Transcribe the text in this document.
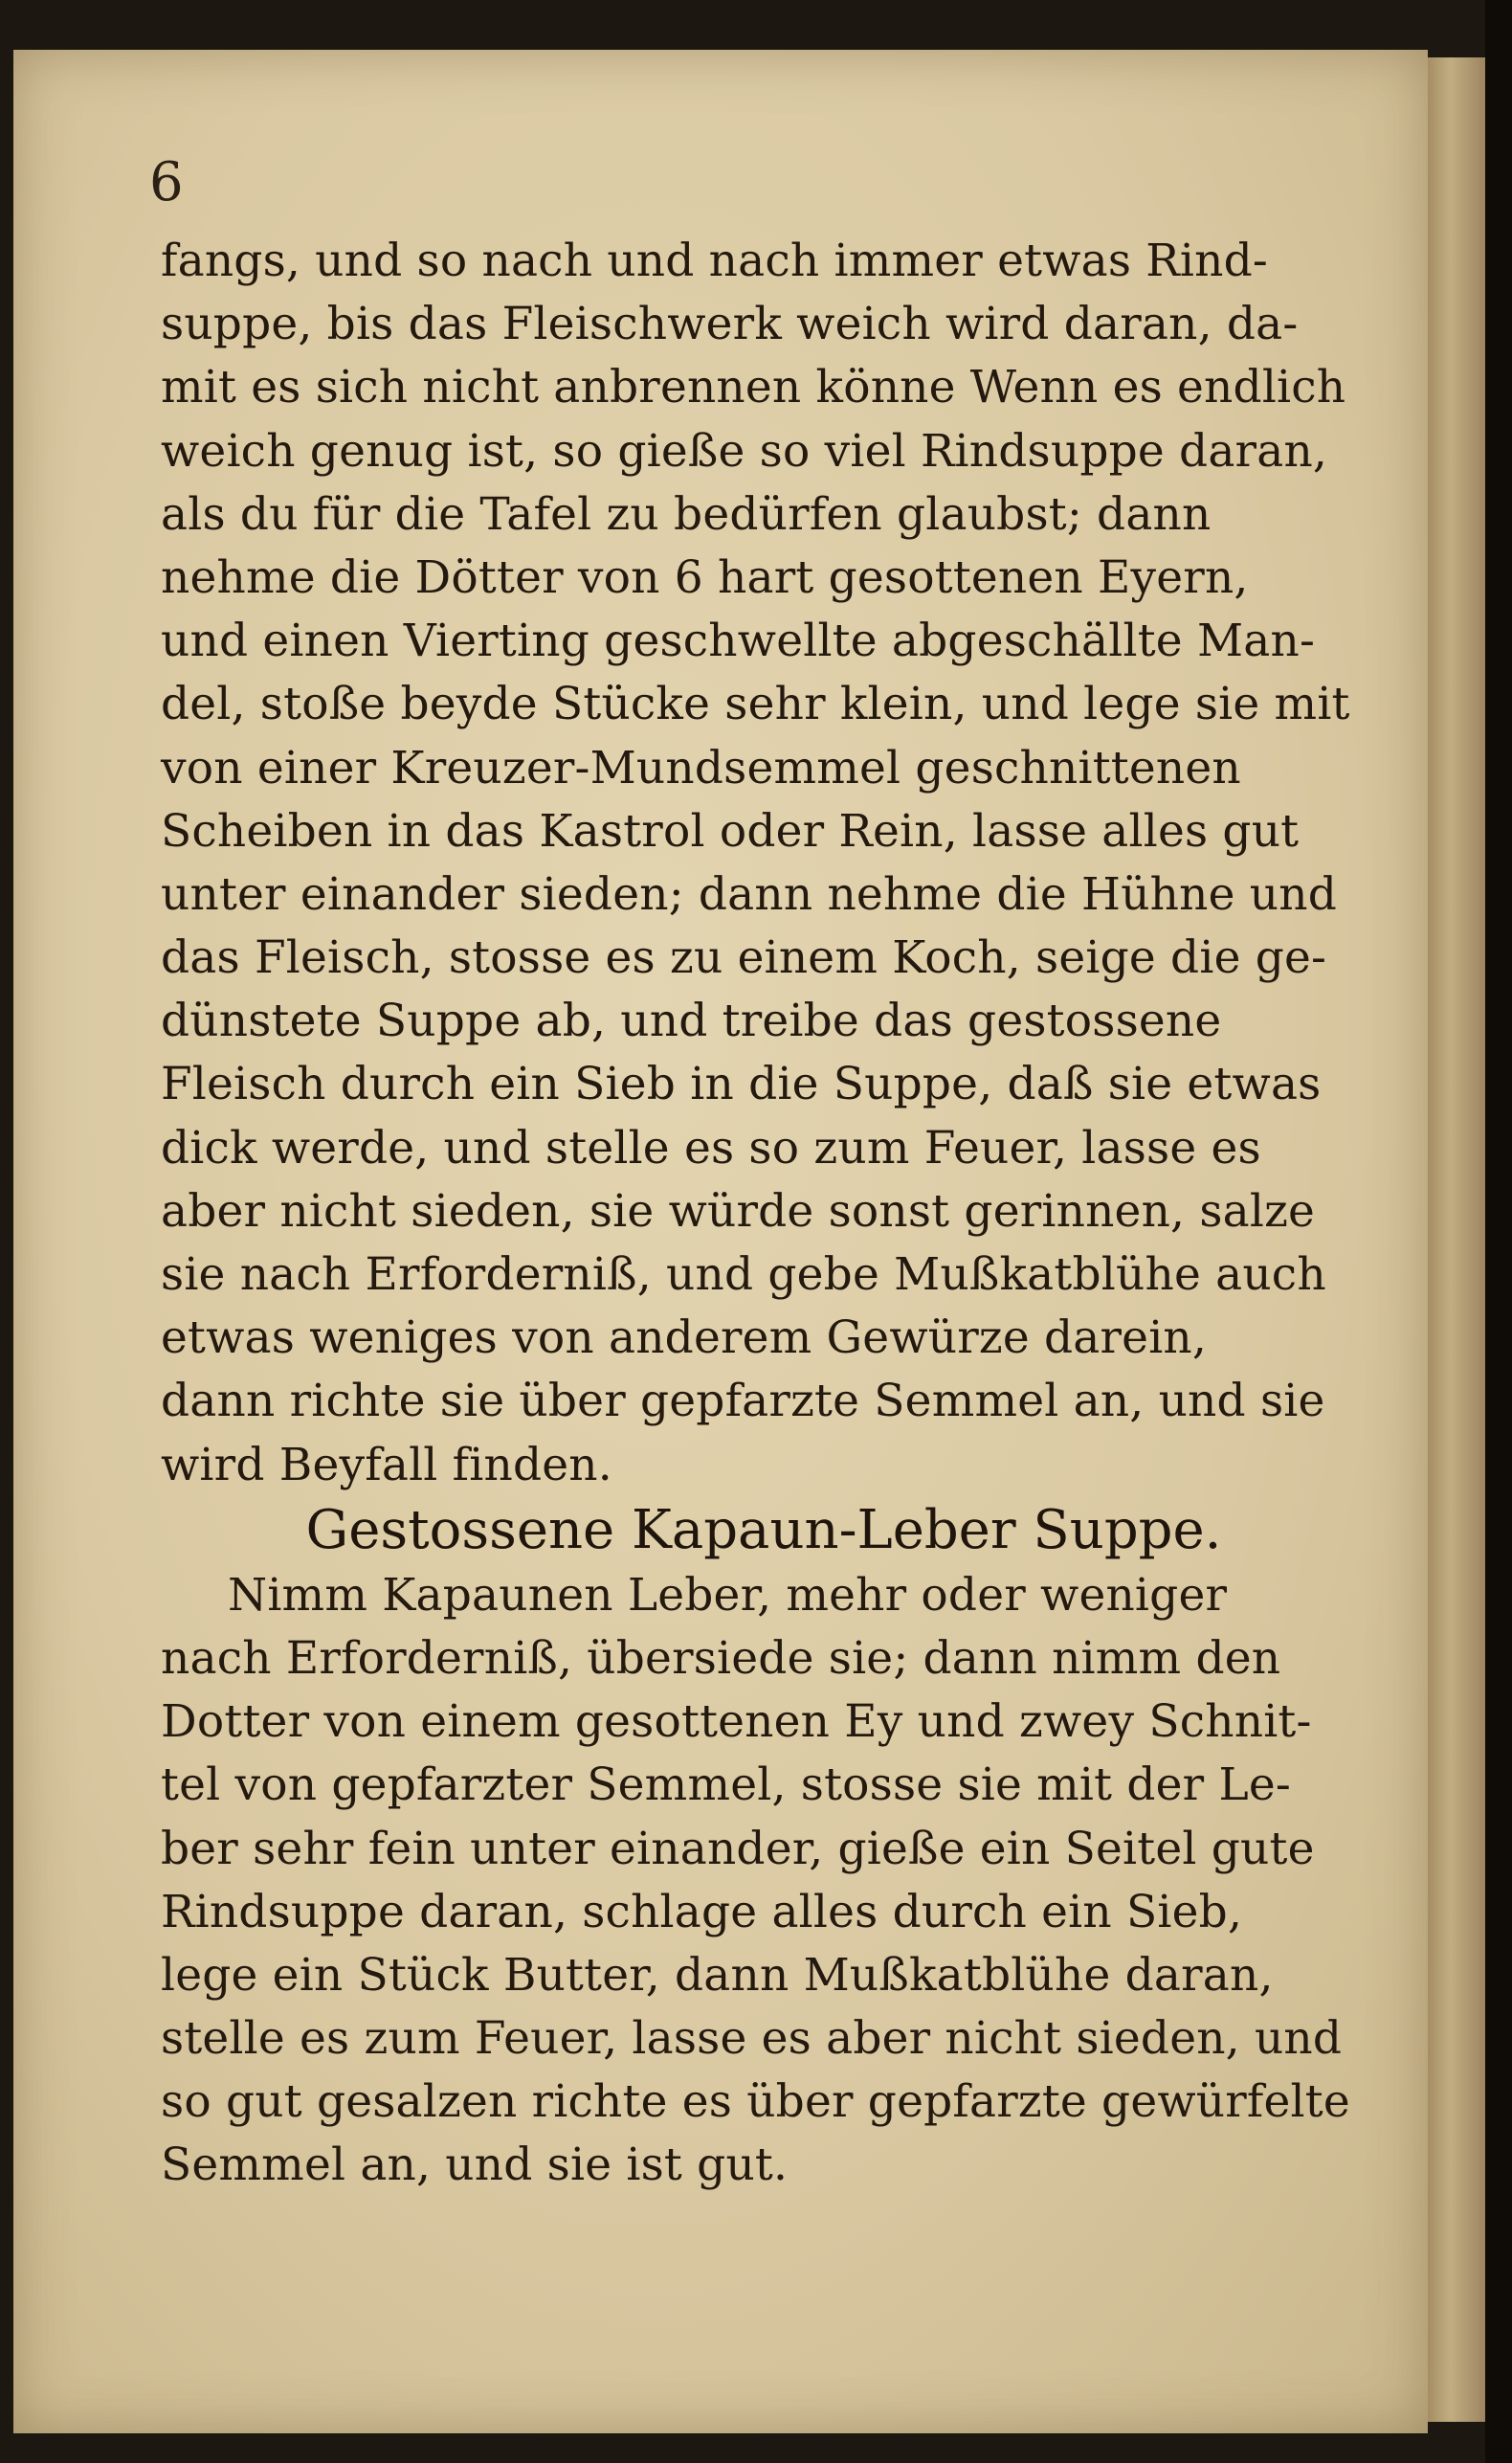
6
fangs, und so nach und nach immer etwas Rind-
suppe, bis das Fleischwerk weich wird daran, da-
mit es sich nicht anbrennen könne Wenn es endlich
weich genug ist, so gieße so viel Rindsuppe daran,
als du für die Tafel zu bedürfen glaubst; dann
nehme die Dötter von 6 hart gesottenen Eyern,
und einen Vierting geschwellte abgeschällte Man-
del, stoße beyde Stücke sehr klein, und lege sie mit
von einer Kreuzer-Mundsemmel geschnittenen
Scheiben in das Kastrol oder Rein, lasse alles gut
unter einander sieden; dann nehme die Hühne und
das Fleisch, stosse es zu einem Koch, seige die ge-
dünstete Suppe ab, und treibe das gestossene
Fleisch durch ein Sieb in die Suppe, daß sie etwas
dick werde, und stelle es so zum Feuer, lasse es
aber nicht sieden, sie würde sonst gerinnen, salze
sie nach Erforderniß, und gebe Mußkatblühe auch
etwas weniges von anderem Gewürze darein,
dann richte sie über gepfarzte Semmel an, und sie
wird Beyfall finden.
Gestossene Kapaun-Leber Suppe.
Nimm Kapaunen Leber, mehr oder weniger
nach Erforderniß, übersiede sie; dann nimm den
Dotter von einem gesottenen Ey und zwey Schnit-
tel von gepfarzter Semmel, stosse sie mit der Le-
ber sehr fein unter einander, gieße ein Seitel gute
Rindsuppe daran, schlage alles durch ein Sieb,
lege ein Stück Butter, dann Mußkatblühe daran,
stelle es zum Feuer, lasse es aber nicht sieden, und
so gut gesalzen richte es über gepfarzte gewürfelte
Semmel an, und sie ist gut.
